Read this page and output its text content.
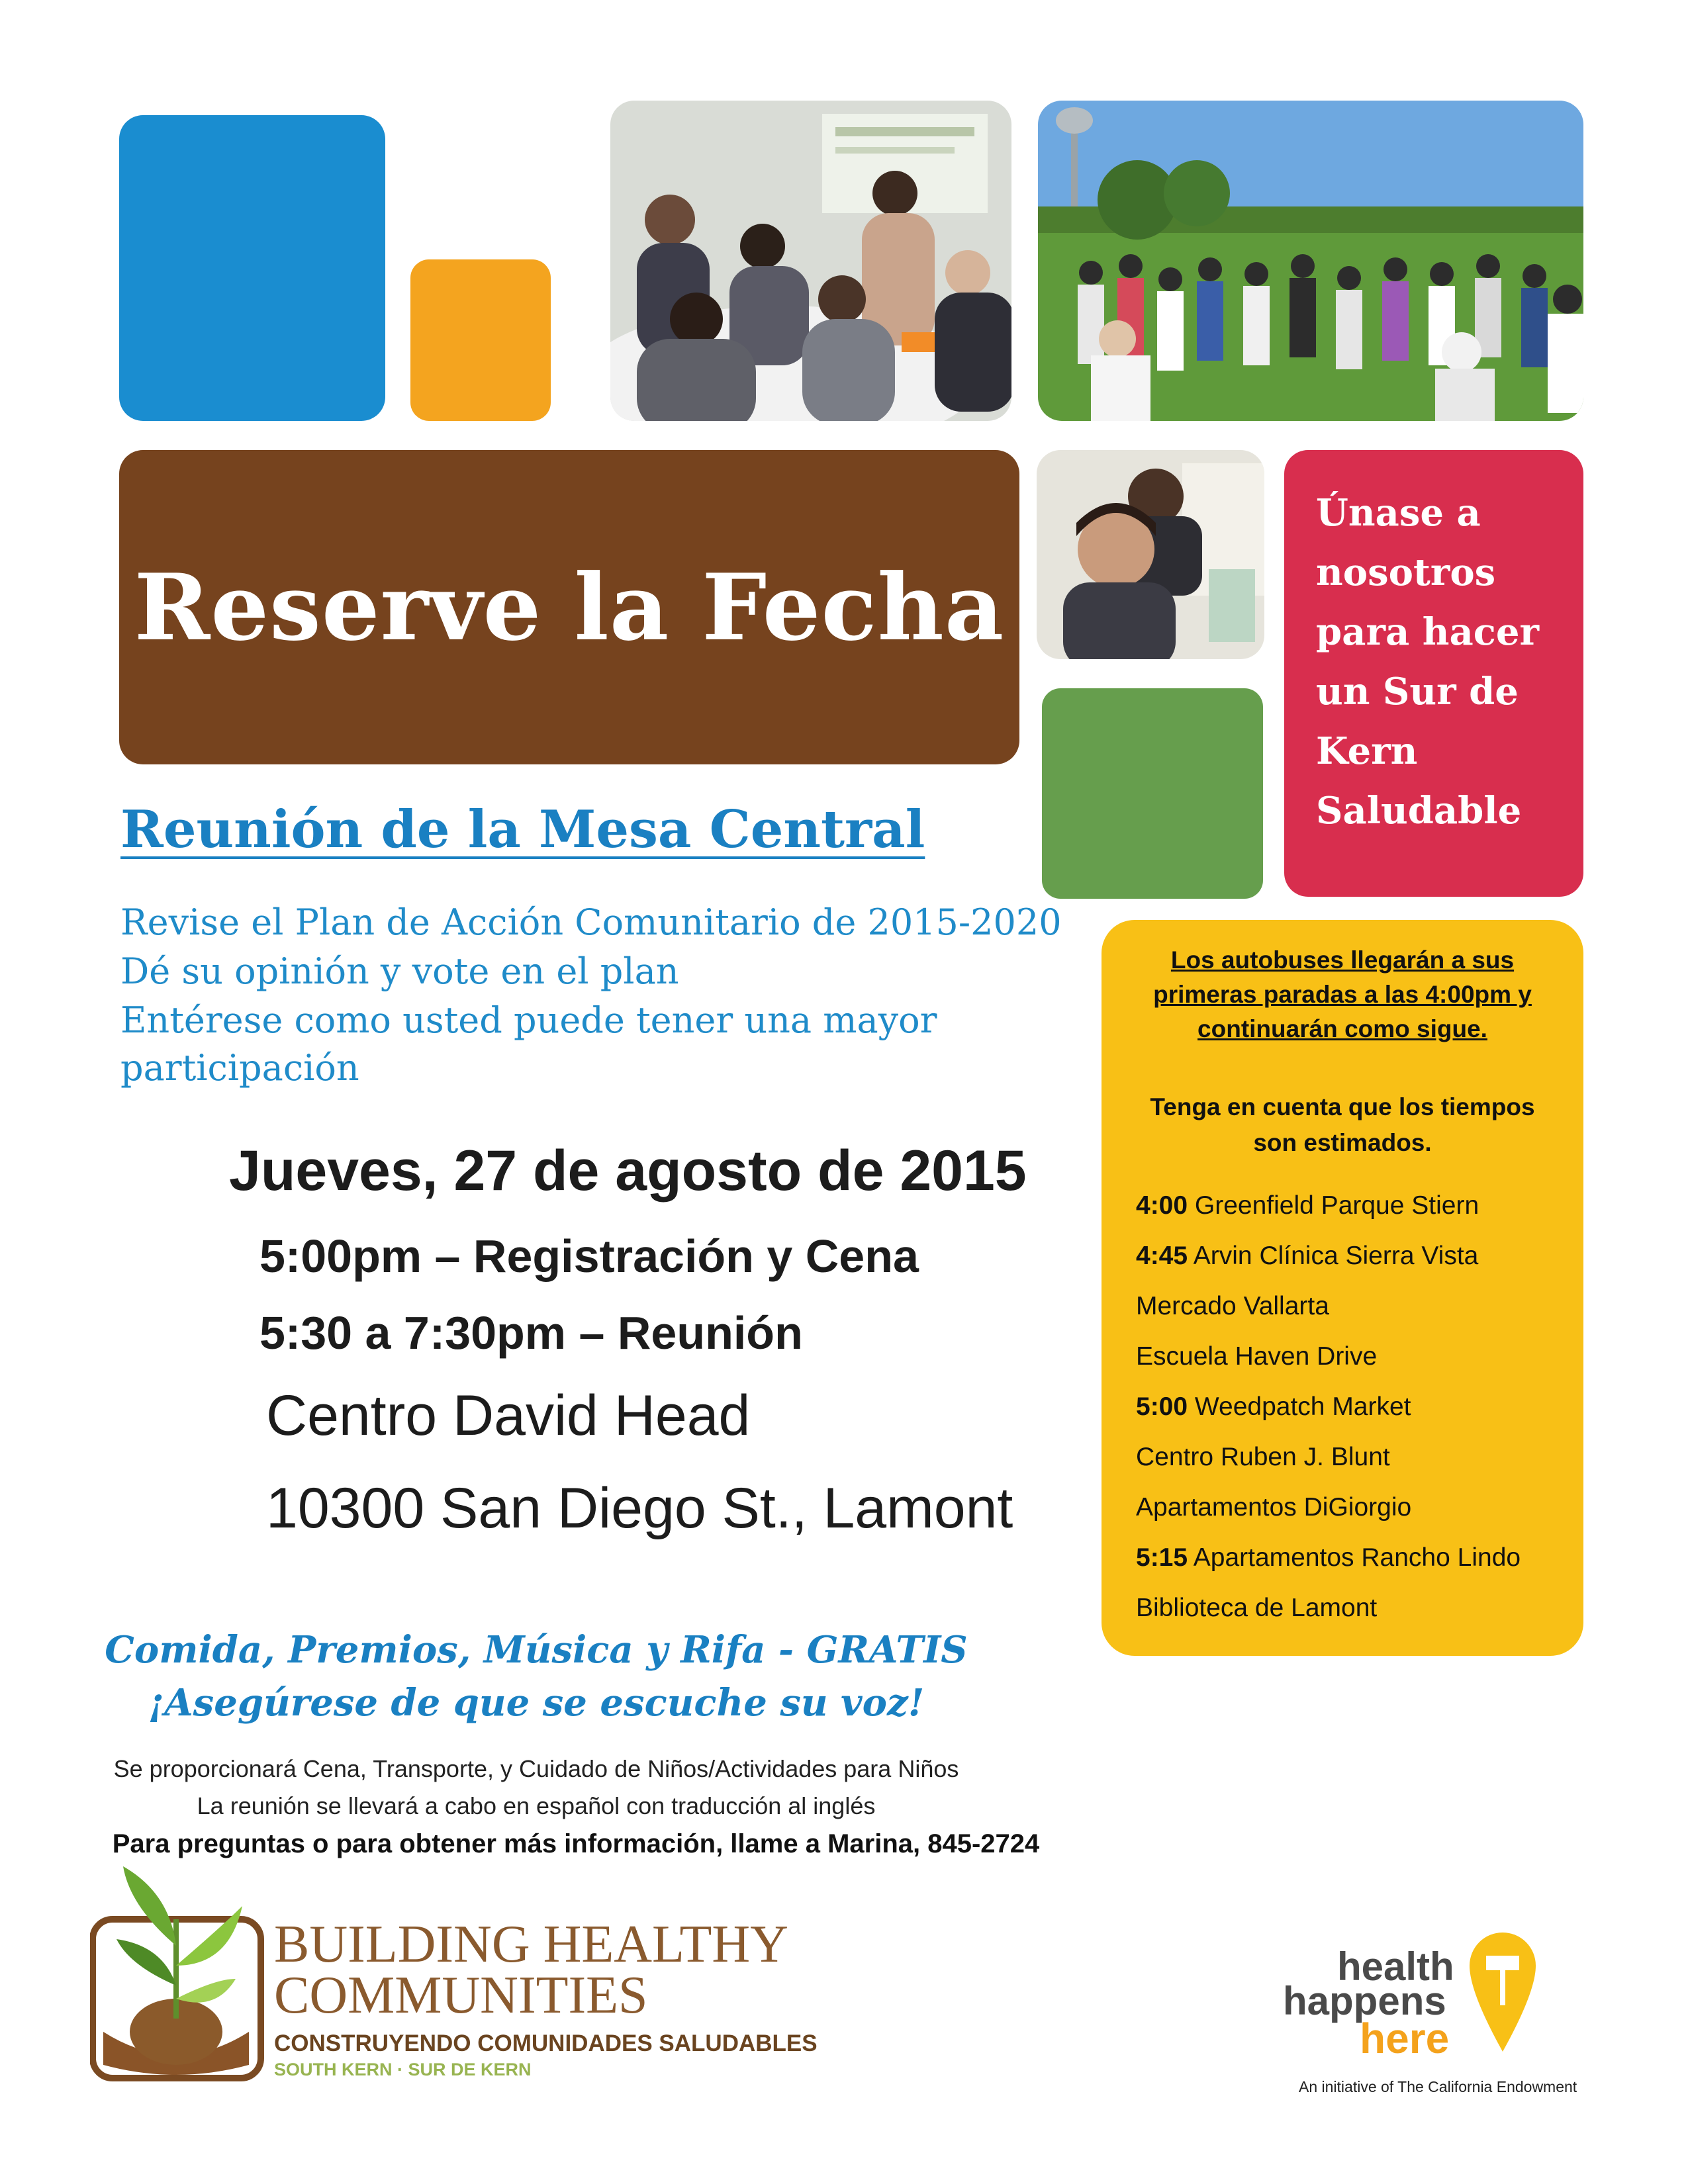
Reserve la Fecha
Únase a
nosotros
para hacer
un Sur de
Kern
Saludable
Reunión de la Mesa Central
Revise el Plan de Acción Comunitario de 2015-2020
Dé su opinión y vote en el plan
Entérese como usted puede tener una mayor
participación
Jueves, 27 de agosto de 2015
5:00pm – Registración y Cena
5:30 a 7:30pm – Reunión
Centro David Head
10300 San Diego St., Lamont
Los autobuses llegarán a sus
primeras paradas a las 4:00pm y
continuarán como sigue.
Tenga en cuenta que los tiempos
son estimados.
4:00 Greenfield Parque Stiern
4:45 Arvin Clínica Sierra Vista
Mercado Vallarta
Escuela Haven Drive
5:00 Weedpatch Market
Centro Ruben J. Blunt
Apartamentos DiGiorgio
5:15 Apartamentos Rancho Lindo
Biblioteca de Lamont
Comida, Premios, Música y Rifa - GRATIS
¡Asegúrese de que se escuche su voz!
Se proporcionará Cena, Transporte, y Cuidado de Niños/Actividades para Niños
La reunión se llevará a cabo en español con traducción al inglés
Para preguntas o para obtener más información, llame a Marina, 845-2724
BUILDING HEALTHY
COMMUNITIES
CONSTRUYENDO COMUNIDADES SALUDABLES
SOUTH KERN · SUR DE KERN
health
happens
here
An initiative of The California Endowment
